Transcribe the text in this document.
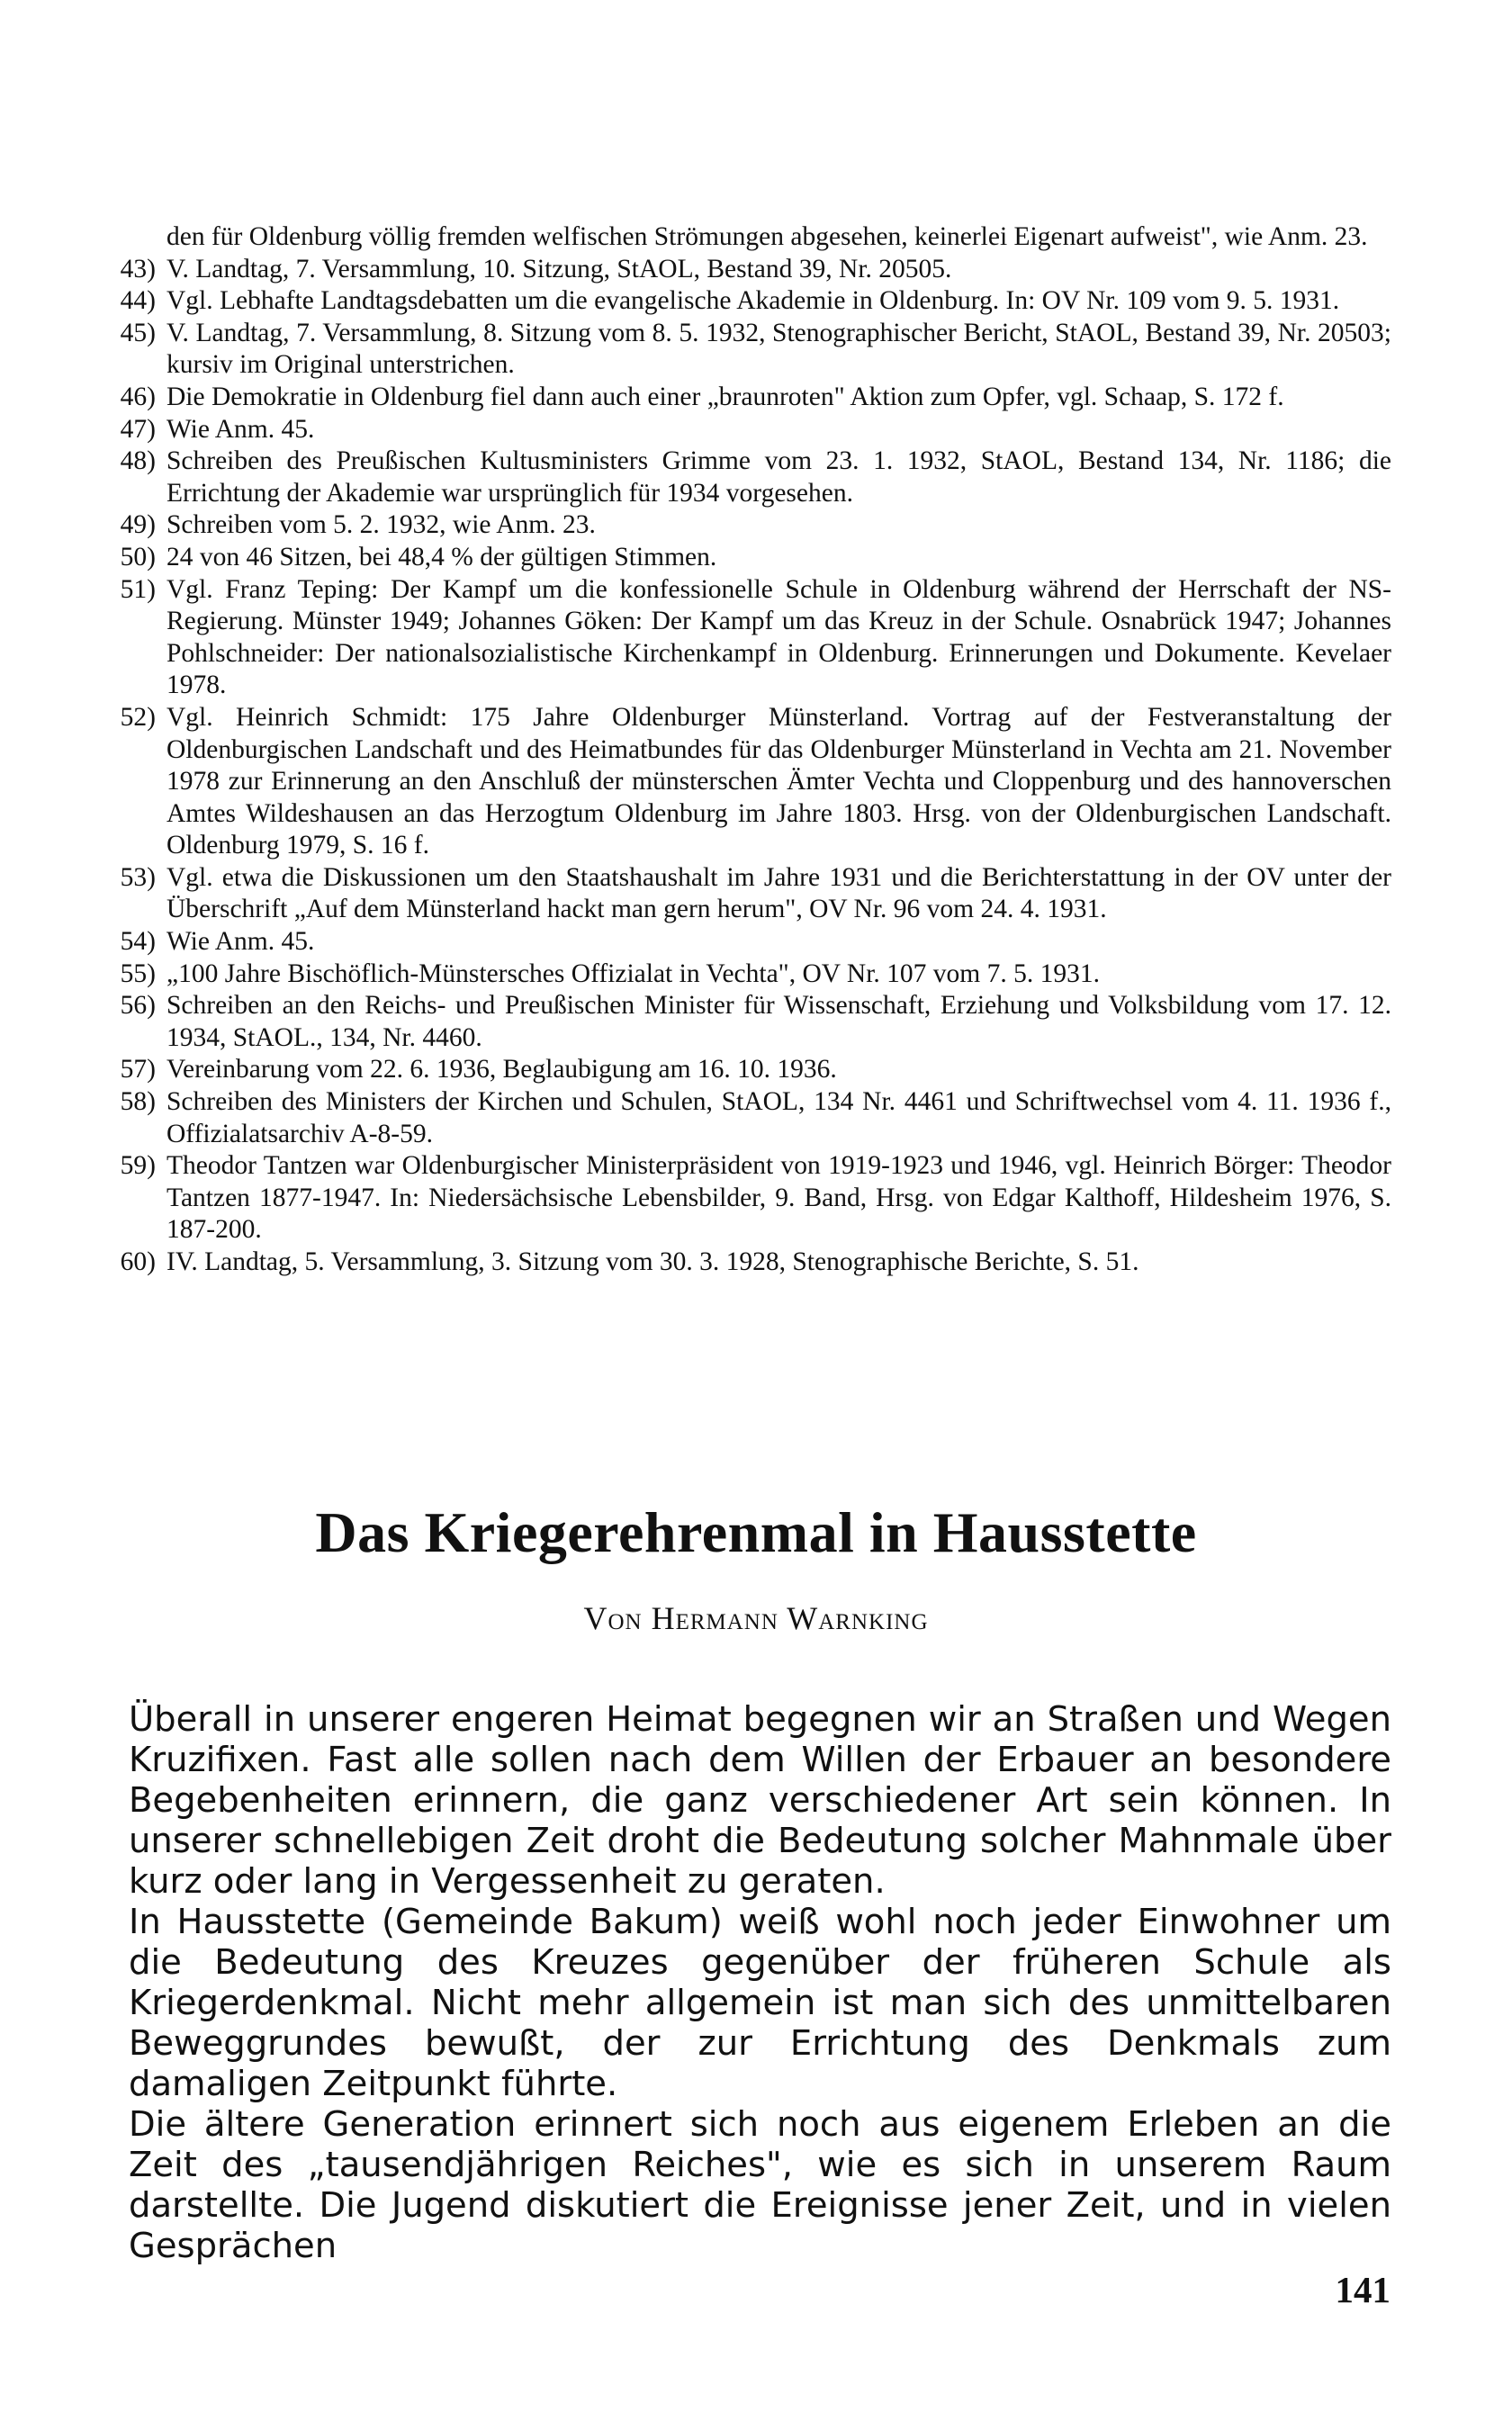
den für Oldenburg völlig fremden welfischen Strömungen abgesehen, keinerlei Eigenart aufweist", wie Anm. 23.
43) V. Landtag, 7. Versammlung, 10. Sitzung, StAOL, Bestand 39, Nr. 20505.
44) Vgl. Lebhafte Landtagsdebatten um die evangelische Akademie in Oldenburg. In: OV Nr. 109 vom 9. 5. 1931.
45) V. Landtag, 7. Versammlung, 8. Sitzung vom 8. 5. 1932, Stenographischer Bericht, StAOL, Bestand 39, Nr. 20503; kursiv im Original unterstrichen.
46) Die Demokratie in Oldenburg fiel dann auch einer „braunroten" Aktion zum Opfer, vgl. Schaap, S. 172 f.
47) Wie Anm. 45.
48) Schreiben des Preußischen Kultusministers Grimme vom 23. 1. 1932, StAOL, Bestand 134, Nr. 1186; die Errichtung der Akademie war ursprünglich für 1934 vorgesehen.
49) Schreiben vom 5. 2. 1932, wie Anm. 23.
50) 24 von 46 Sitzen, bei 48,4 % der gültigen Stimmen.
51) Vgl. Franz Teping: Der Kampf um die konfessionelle Schule in Oldenburg während der Herrschaft der NS-Regierung. Münster 1949; Johannes Göken: Der Kampf um das Kreuz in der Schule. Osnabrück 1947; Johannes Pohlschneider: Der nationalsozialistische Kirchenkampf in Oldenburg. Erinnerungen und Dokumente. Kevelaer 1978.
52) Vgl. Heinrich Schmidt: 175 Jahre Oldenburger Münsterland. Vortrag auf der Festveranstaltung der Oldenburgischen Landschaft und des Heimatbundes für das Oldenburger Münsterland in Vechta am 21. November 1978 zur Erinnerung an den Anschluß der münsterschen Ämter Vechta und Cloppenburg und des hannoverschen Amtes Wildeshausen an das Herzogtum Oldenburg im Jahre 1803. Hrsg. von der Oldenburgischen Landschaft. Oldenburg 1979, S. 16 f.
53) Vgl. etwa die Diskussionen um den Staatshaushalt im Jahre 1931 und die Berichterstattung in der OV unter der Überschrift „Auf dem Münsterland hackt man gern herum", OV Nr. 96 vom 24. 4. 1931.
54) Wie Anm. 45.
55) „100 Jahre Bischöflich-Münstersches Offizialat in Vechta", OV Nr. 107 vom 7. 5. 1931.
56) Schreiben an den Reichs- und Preußischen Minister für Wissenschaft, Erziehung und Volksbildung vom 17. 12. 1934, StAOL., 134, Nr. 4460.
57) Vereinbarung vom 22. 6. 1936, Beglaubigung am 16. 10. 1936.
58) Schreiben des Ministers der Kirchen und Schulen, StAOL, 134 Nr. 4461 und Schriftwechsel vom 4. 11. 1936 f., Offizialatsarchiv A-8-59.
59) Theodor Tantzen war Oldenburgischer Ministerpräsident von 1919-1923 und 1946, vgl. Heinrich Börger: Theodor Tantzen 1877-1947. In: Niedersächsische Lebensbilder, 9. Band, Hrsg. von Edgar Kalthoff, Hildesheim 1976, S. 187-200.
60) IV. Landtag, 5. Versammlung, 3. Sitzung vom 30. 3. 1928, Stenographische Berichte, S. 51.
Das Kriegerehrenmal in Hausstette
Von Hermann Warnking

Überall in unserer engeren Heimat begegnen wir an Straßen und Wegen Kruzifixen. Fast alle sollen nach dem Willen der Erbauer an besondere Begebenheiten erinnern, die ganz verschiedener Art sein können. In unserer schnellebigen Zeit droht die Bedeutung solcher Mahnmale über kurz oder lang in Vergessenheit zu geraten.

In Hausstette (Gemeinde Bakum) weiß wohl noch jeder Einwohner um die Bedeutung des Kreuzes gegenüber der früheren Schule als Kriegerdenkmal. Nicht mehr allgemein ist man sich des unmittelbaren Beweggrundes bewußt, der zur Errichtung des Denkmals zum damaligen Zeitpunkt führte.

Die ältere Generation erinnert sich noch aus eigenem Erleben an die Zeit des „tausendjährigen Reiches", wie es sich in unserem Raum darstellte. Die Jugend diskutiert die Ereignisse jener Zeit, und in vielen Gesprächen

141
